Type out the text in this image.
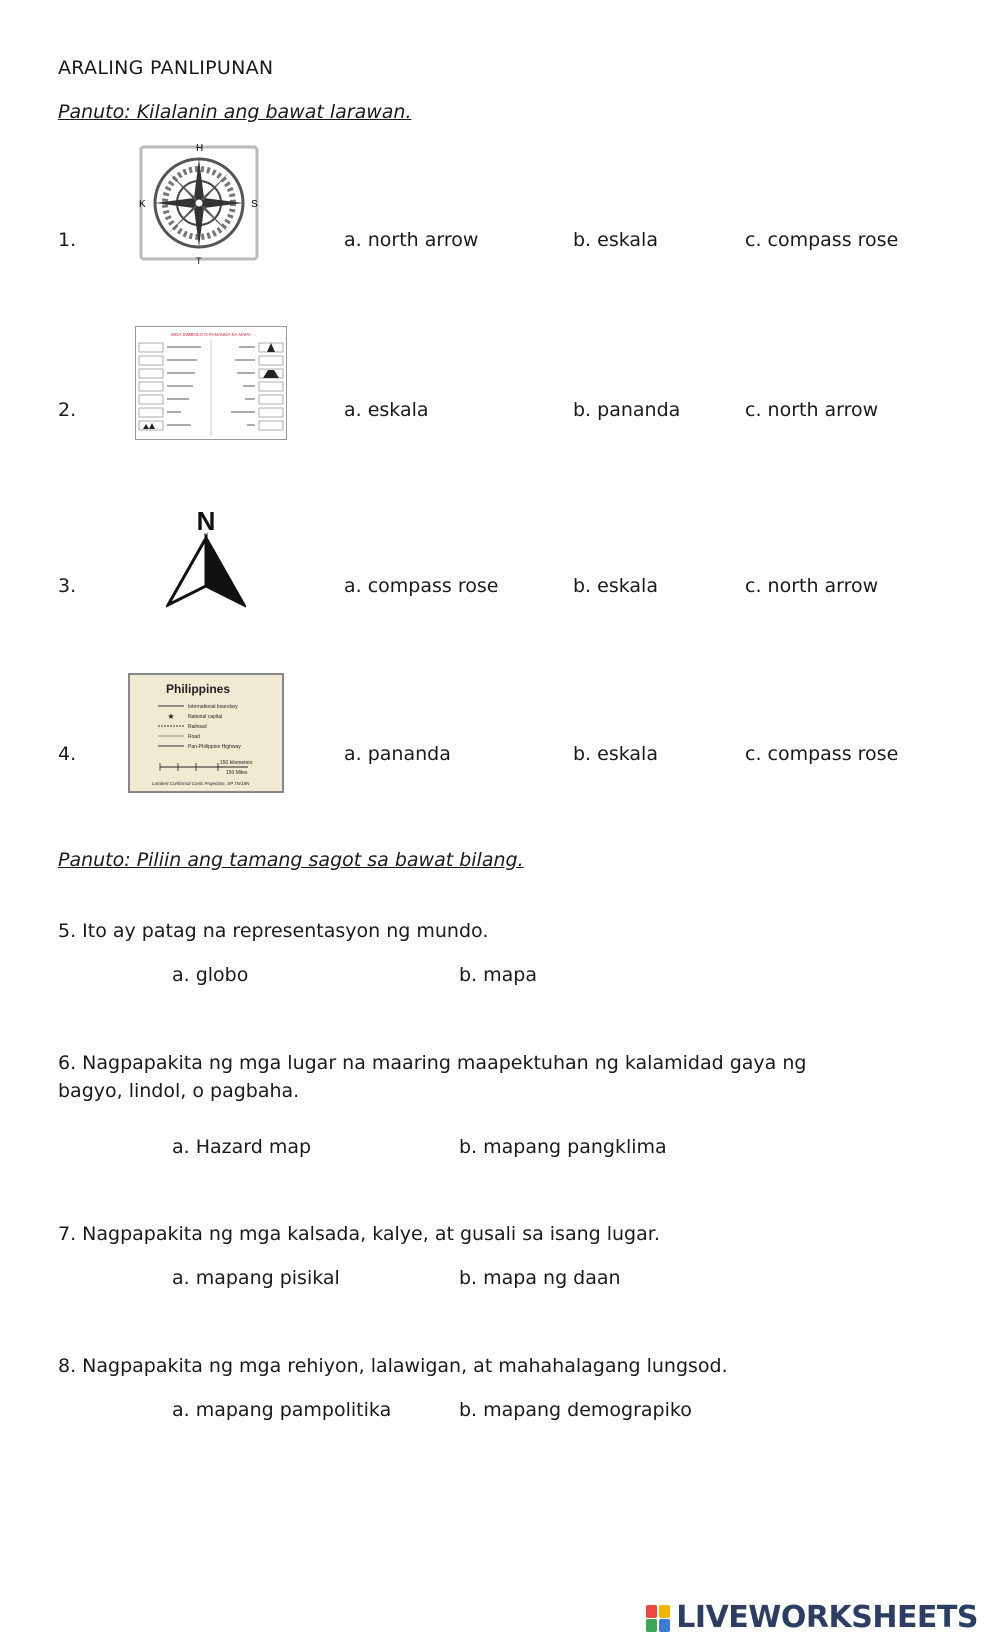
ARALING PANLIPUNAN
Panuto: Kilalanin ang bawat larawan.
H
K	S
T
1.	a. north arrow	b. eskala	c. compass rose
MGA SIMBOLO O PANANDA SA MAPA
2.	a. eskala	b. pananda	c. north arrow
N
3.	a. compass rose	b. eskala	c. north arrow
Philippines
★
International boundary
National capital
Railroad
Road
Pan-Philippine Highway
150 kilometers
150 Miles
Lambert Conformal Conic Projection, SP 7N/18N
4.	a. pananda	b. eskala	c. compass rose
Panuto: Piliin ang tamang sagot sa bawat bilang.
5. Ito ay patag na representasyon ng mundo.
a. globo	b. mapa
6. Nagpapakita ng mga lugar na maaring maapektuhan ng kalamidad gaya ng
bagyo, lindol, o pagbaha.
a. Hazard map	b. mapang pangklima
7. Nagpapakita ng mga kalsada, kalye, at gusali sa isang lugar.
a. mapang pisikal	b. mapa ng daan
8. Nagpapakita ng mga rehiyon, lalawigan, at mahahalagang lungsod.
a. mapang pampolitika	b. mapang demograpiko
LIVEWORKSHEETS
